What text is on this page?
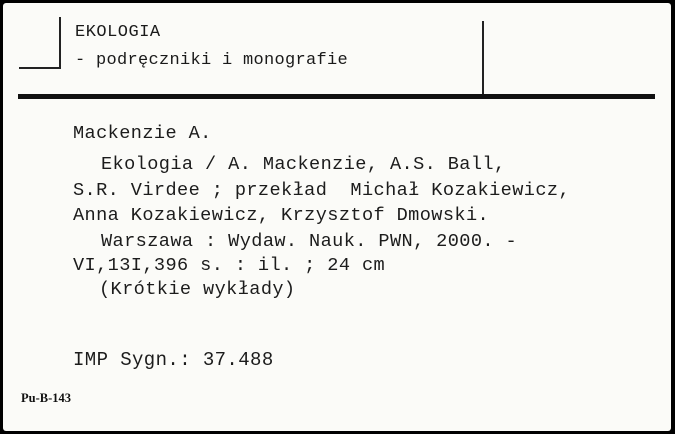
EKOLOGIA
- podręczniki i monografie
Mackenzie A.
Ekologia / A. Mackenzie, A.S. Ball,
S.R. Virdee ; przekład  Michał Kozakiewicz,
Anna Kozakiewicz, Krzysztof Dmowski.
Warszawa : Wydaw. Nauk. PWN, 2000. -
VI,13I,396 s. : il. ; 24 cm
(Krótkie wykłady)
IMP Sygn.: 37.488
Pu-B-143
